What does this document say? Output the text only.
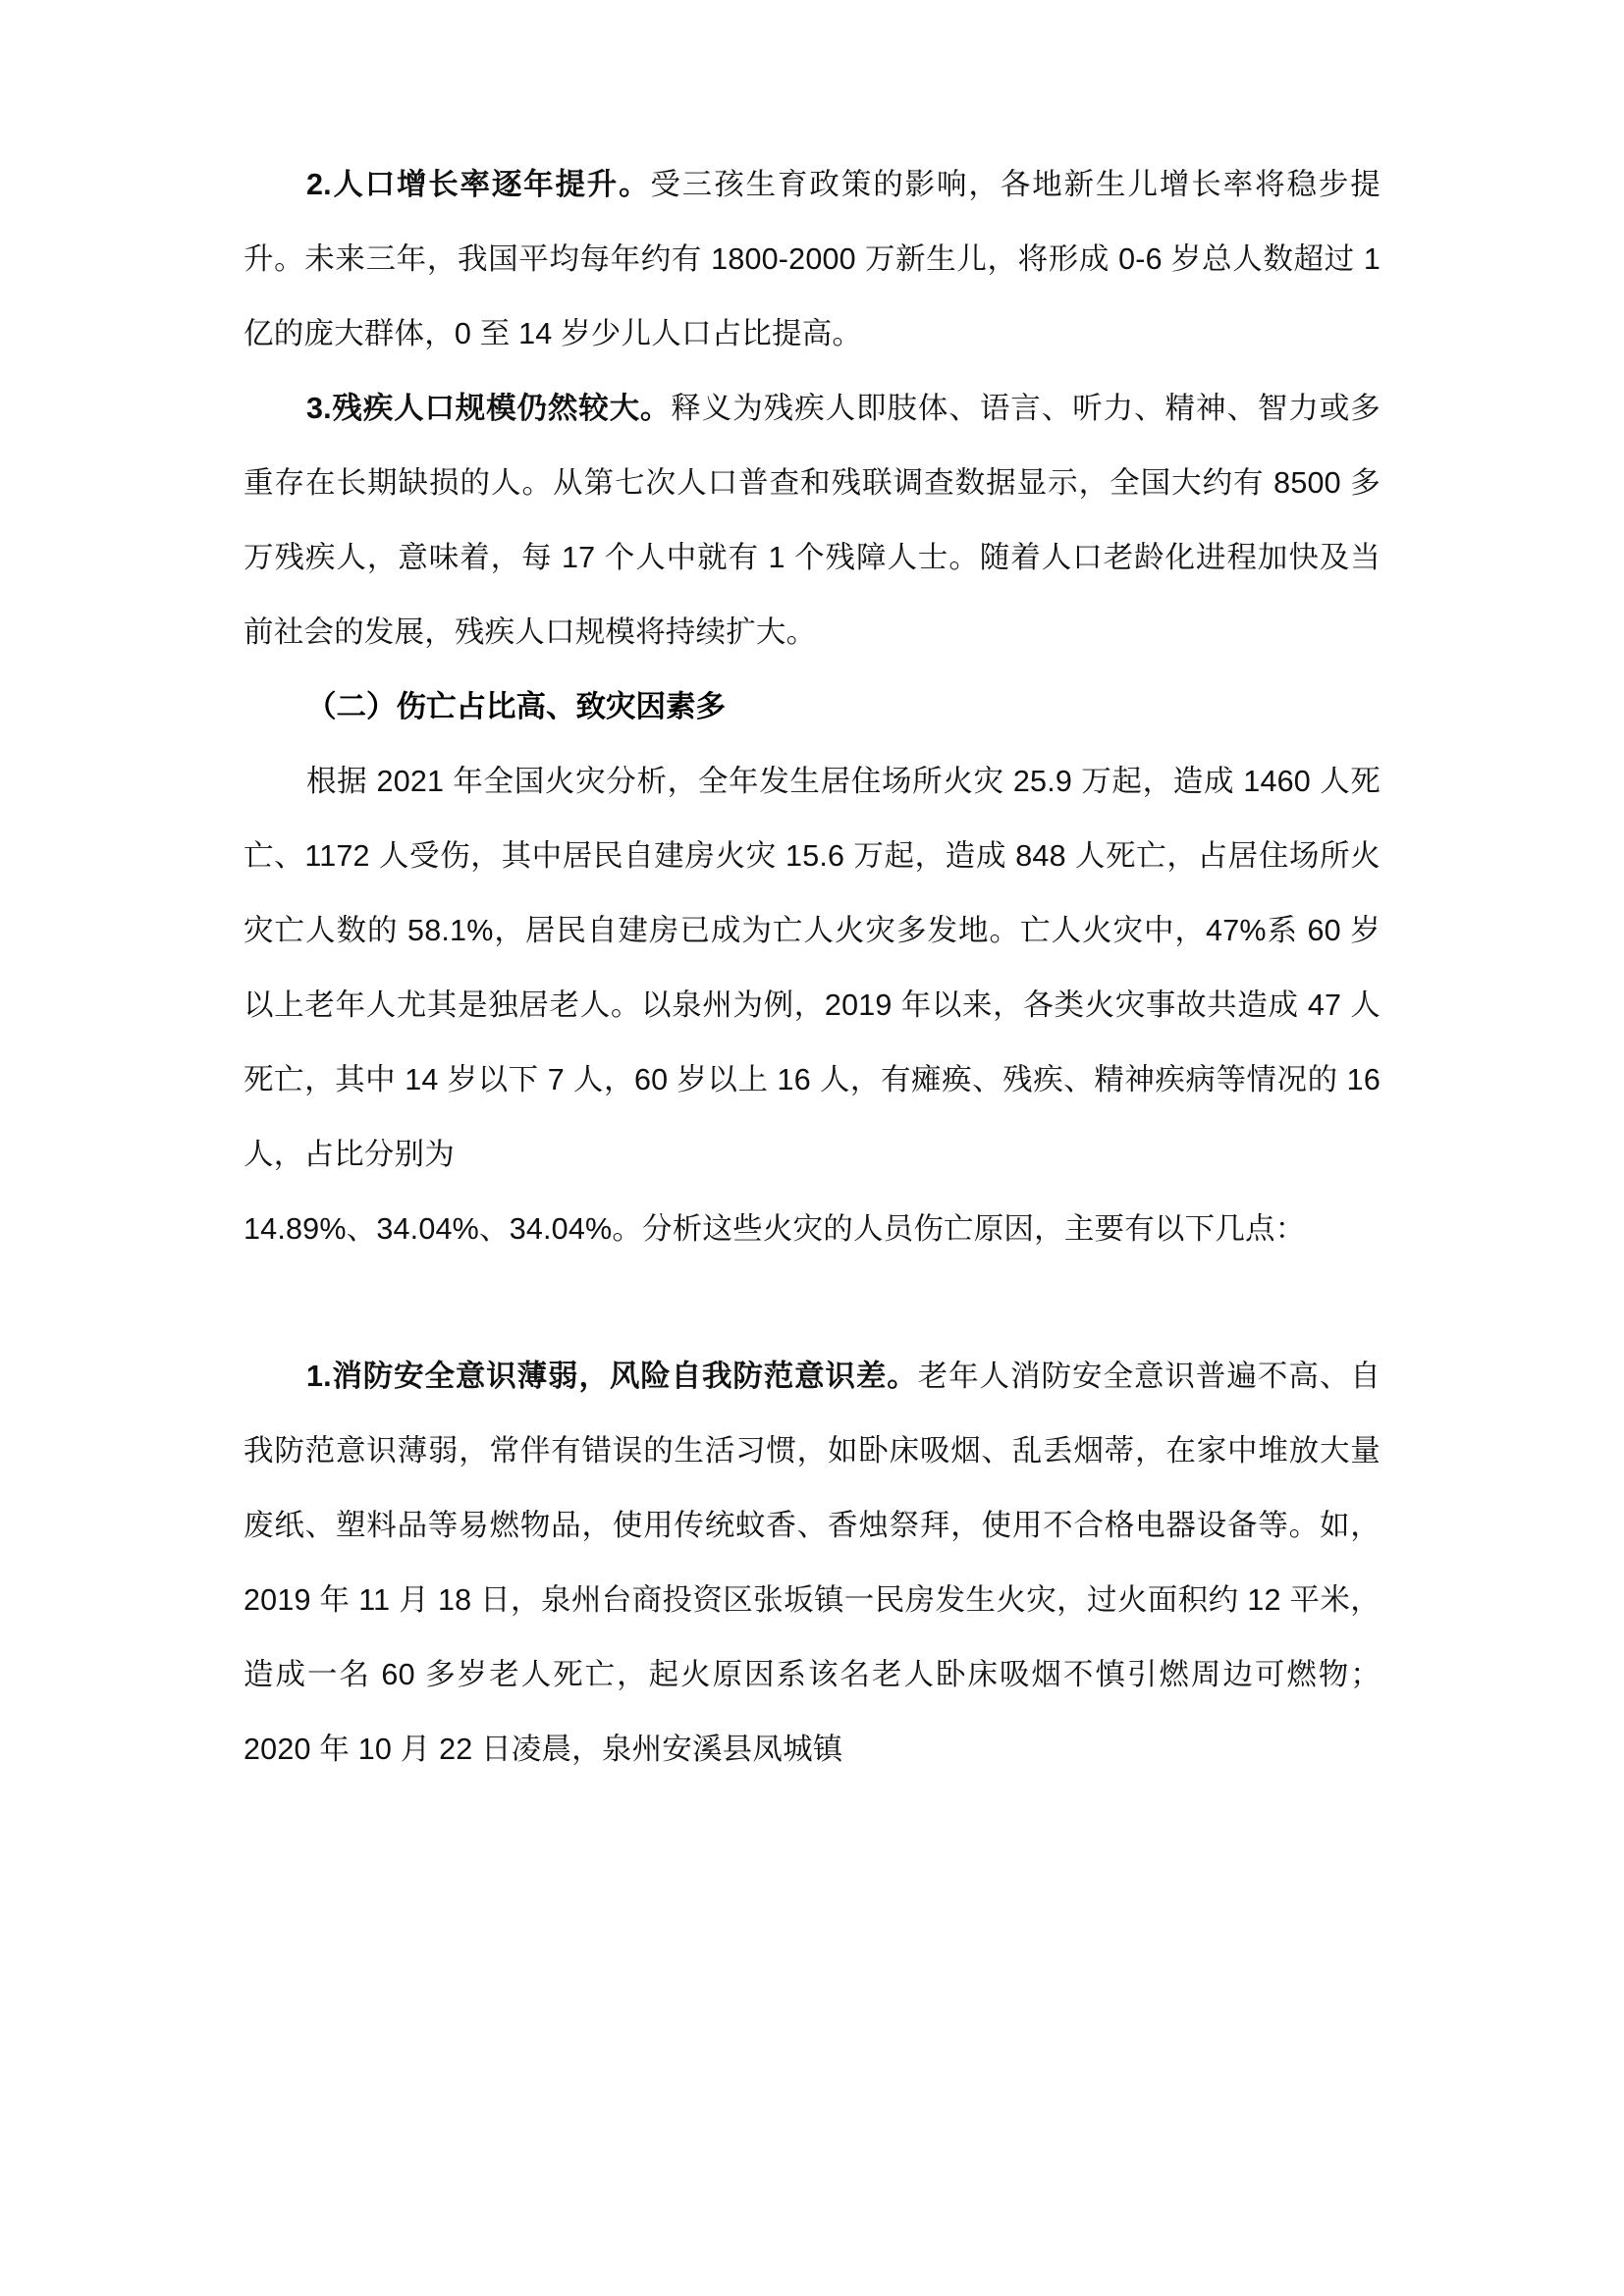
2.人口增长率逐年提升。受三孩生育政策的影响，各地新生儿增长率将稳步提升。未来三年，我国平均每年约有 1800-2000 万新生儿，将形成 0-6 岁总人数超过 1 亿的庞大群体，0 至 14 岁少儿人口占比提高。

3.残疾人口规模仍然较大。释义为残疾人即肢体、语言、听力、精神、智力或多重存在长期缺损的人。从第七次人口普查和残联调查数据显示，全国大约有 8500 多万残疾人，意味着，每 17 个人中就有 1 个残障人士。随着人口老龄化进程加快及当前社会的发展，残疾人口规模将持续扩大。

（二）伤亡占比高、致灾因素多

根据 2021 年全国火灾分析，全年发生居住场所火灾 25.9 万起，造成 1460 人死亡、1172 人受伤，其中居民自建房火灾 15.6 万起，造成 848 人死亡，占居住场所火灾亡人数的 58.1%，居民自建房已成为亡人火灾多发地。亡人火灾中，47%系 60 岁以上老年人尤其是独居老人。以泉州为例，2019 年以来，各类火灾事故共造成 47 人死亡，其中 14 岁以下 7 人，60 岁以上 16 人，有瘫痪、残疾、精神疾病等情况的 16 人，占比分别为

14.89%、34.04%、34.04%。分析这些火灾的人员伤亡原因，主要有以下几点：

1.消防安全意识薄弱，风险自我防范意识差。老年人消防安全意识普遍不高、自我防范意识薄弱，常伴有错误的生活习惯，如卧床吸烟、乱丢烟蒂，在家中堆放大量废纸、塑料品等易燃物品，使用传统蚊香、香烛祭拜，使用不合格电器设备等。如，2019 年 11 月 18 日，泉州台商投资区张坂镇一民房发生火灾，过火面积约 12 平米，造成一名 60 多岁老人死亡，起火原因系该名老人卧床吸烟不慎引燃周边可燃物；2020 年 10 月 22 日凌晨，泉州安溪县凤城镇
